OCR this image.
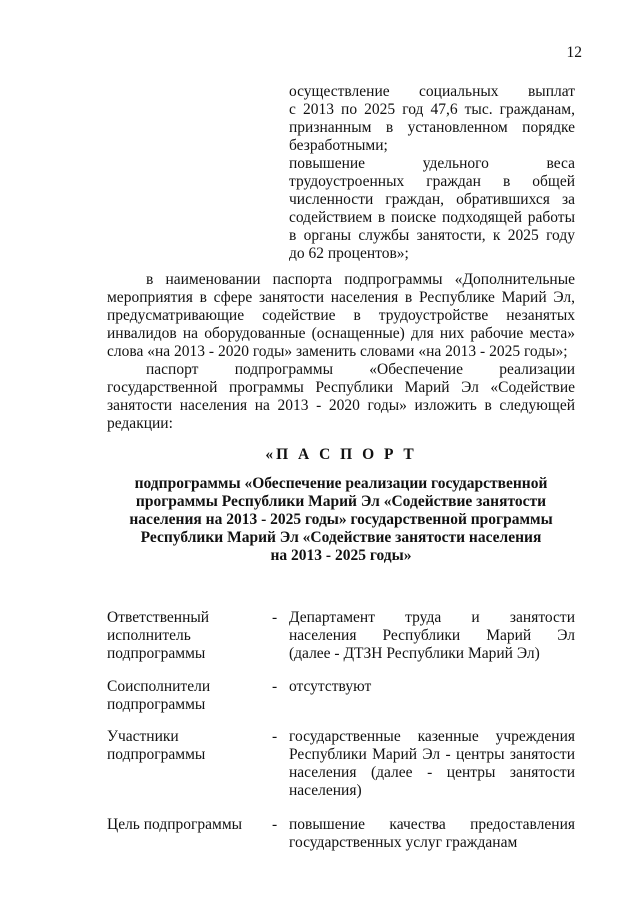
12
осуществление социальных выплат
с 2013 по 2025 год 47,6 тыс. гражданам,
признанным в установленном порядке
безработными;
повышение удельного веса
трудоустроенных граждан в общей
численности граждан, обратившихся за
содействием в поиске подходящей работы
в органы службы занятости, к 2025 году
до 62 процентов»;
в наименовании паспорта подпрограммы «Дополнительные
мероприятия в сфере занятости населения в Республике Марий Эл,
предусматривающие содействие в трудоустройстве незанятых
инвалидов на оборудованные (оснащенные) для них рабочие места»
слова «на 2013 - 2020 годы» заменить словами «на 2013 - 2025 годы»;
паспорт подпрограммы «Обеспечение реализации
государственной программы Республики Марий Эл «Содействие
занятости населения на 2013 - 2020 годы» изложить в следующей
редакции:
«П А С П О Р Т
подпрограммы «Обеспечение реализации государственной
программы Республики Марий Эл «Содействие занятости
населения на 2013 - 2025 годы» государственной программы
Республики Марий Эл «Содействие занятости населения
на 2013 - 2025 годы»
Ответственный
исполнитель
подпрограммы
- Департамент труда и занятости
населения Республики Марий Эл
(далее - ДТЗН Республики Марий Эл)
Соисполнители
подпрограммы
- отсутствуют
Участники
подпрограммы
- государственные казенные учреждения
Республики Марий Эл - центры занятости
населения (далее - центры занятости
населения)
Цель подпрограммы	- повышение качества предоставления
государственных услуг гражданам
